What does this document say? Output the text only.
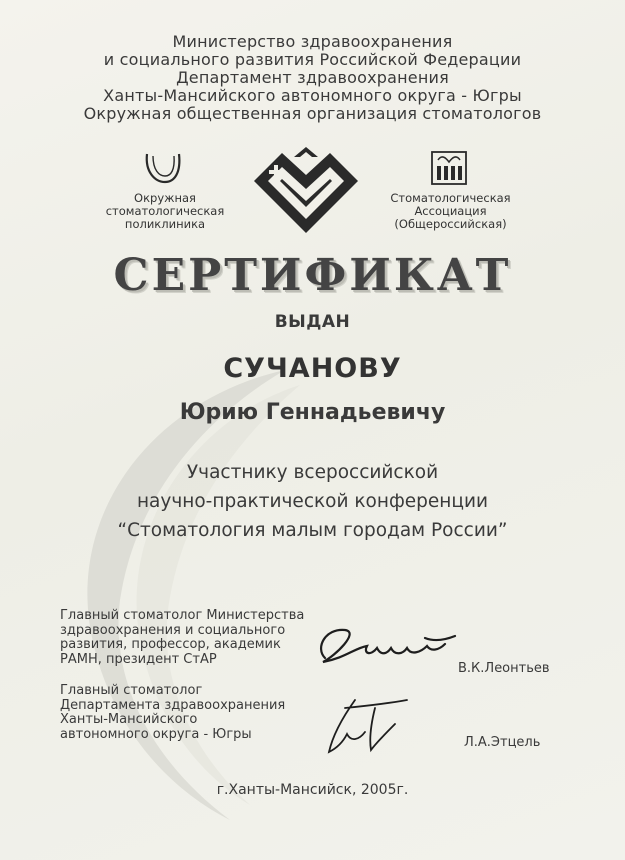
Министерство здравоохранения
и социального развития Российской Федерации
Департамент здравоохранения
Ханты-Мансийского автономного округа - Югры
Окружная общественная организация стоматологов
Окружная
стоматологическая
поликлиника
Стоматологическая
Ассоциация
(Общероссийская)
СЕРТИФИКАТ
ВЫДАН
СУЧАНОВУ
Юрию Геннадьевичу
Участнику всероссийской
научно-практической конференции
“Стоматология малым городам России”
Главный стоматолог Министерства
здравоохранения и социального
развития, профессор, академик
РАМН, президент СтАР
В.К.Леонтьев
Главный стоматолог
Департамента здравоохранения
Ханты-Мансийского
автономного округа - Югры
Л.А.Этцель
г.Ханты-Мансийск, 2005г.
